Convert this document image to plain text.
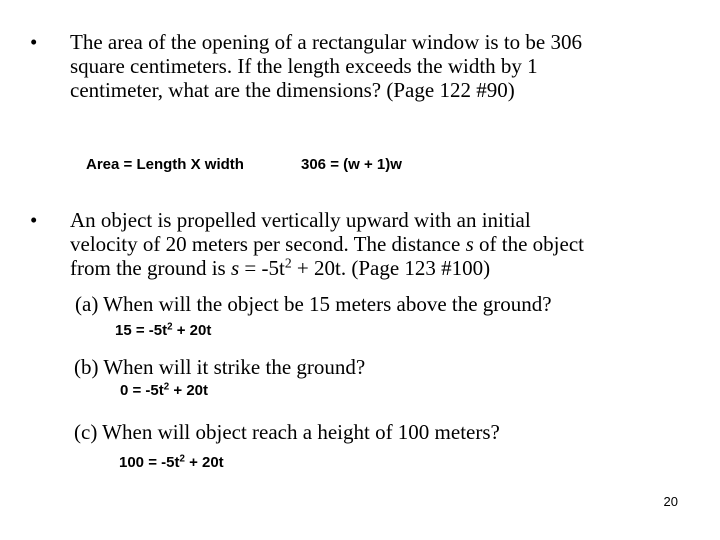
• The area of the opening of a rectangular window is to be 306
square centimeters. If the length exceeds the width by 1
centimeter, what are the dimensions? (Page 122 #90)
Area = Length X width	306 = (w + 1)w
• An object is propelled vertically upward with an initial
velocity of 20 meters per second. The distance s of the object
from the ground is $s = -5t^2 + 20t$. (Page 123 #100)
(a) When will the object be 15 meters above the ground?
$15 = -5t^2 + 20t$
(b) When will it strike the ground?
$0 = -5t^2 + 20t$
(c) When will object reach a height of 100 meters?
$100 = -5t^2 + 20t$
20
